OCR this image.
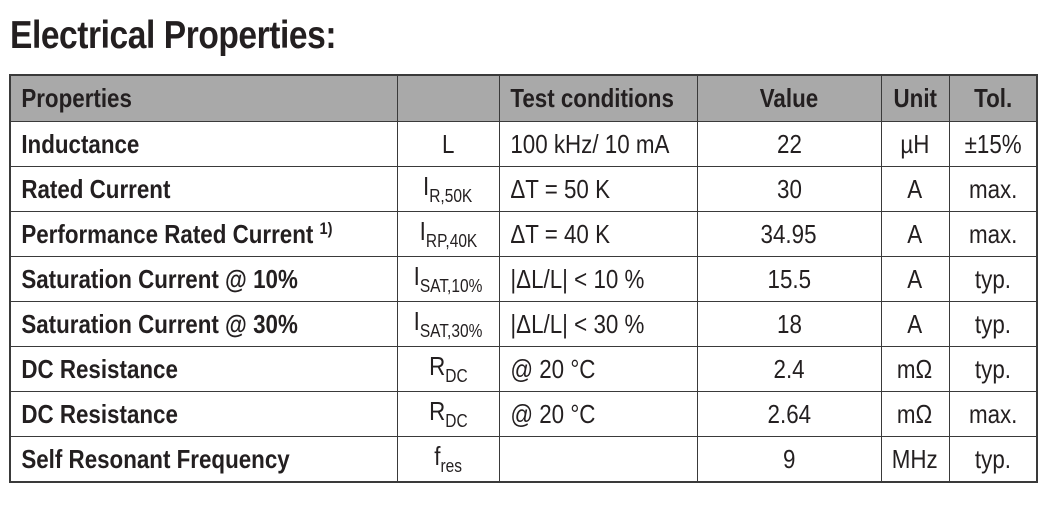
Electrical Properties:
Properties		Test conditions	Value	Unit	Tol.
Inductance	L	100 kHz/ 10 mA	22	µH	±15%
Rated Current	$I_{R,50K}$	ΔT = 50 K	30	A	max.
Performance Rated Current $^{1)}$	$I_{RP,40K}$	ΔT = 40 K	34.95	A	max.
Saturation Current @ 10%	$I_{SAT,10\%}$	|ΔL/L| < 10 %	15.5	A	typ.
Saturation Current @ 30%	$I_{SAT,30\%}$	|ΔL/L| < 30 %	18	A	typ.
DC Resistance	$R_{DC}$	@ 20 °C	2.4	mΩ	typ.
DC Resistance	$R_{DC}$	@ 20 °C	2.64	mΩ	max.
Self Resonant Frequency	$f_{res}$		9	MHz	typ.
